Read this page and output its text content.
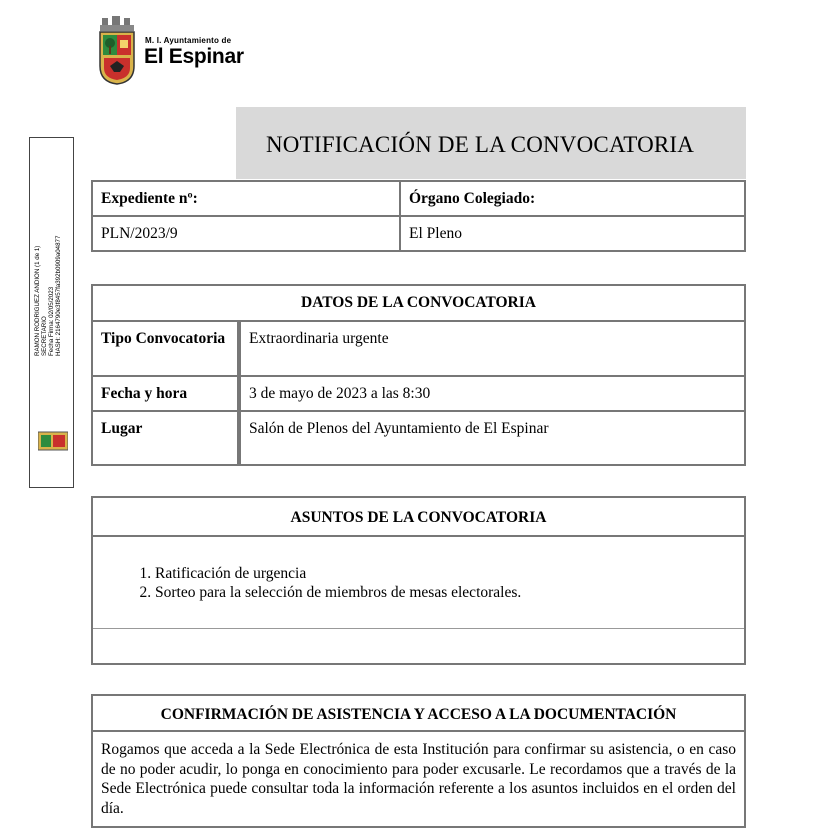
M. I. Ayuntamiento de
El Espinar
RAMON RODRIGUEZ ANDION (1 de 1) SECRETARIO Fecha Firma: 02/05/2023 HASH: 2164790e3f8457fa392b0909a04877
NOTIFICACIÓN DE LA CONVOCATORIA
Expediente nº:	Órgano Colegiado:
PLN/2023/9	El Pleno
DATOS DE LA CONVOCATORIA	
Tipo Convocatoria	Extraordinaria urgente
Fecha y hora	3 de mayo de 2023 a las 8:30
Lugar	Salón de Plenos del Ayuntamiento de El Espinar
ASUNTOS DE LA CONVOCATORIA
1. Ratificación de urgencia
2. Sorteo para la selección de miembros de mesas electorales.
CONFIRMACIÓN DE ASISTENCIA Y ACCESO A LA DOCUMENTACIÓN

Rogamos que acceda a la Sede Electrónica de esta Institución para confirmar su asistencia, o en caso de no poder acudir, lo ponga en conocimiento para poder excusarle. Le recordamos que a través de la Sede Electrónica puede consultar toda la información referente a los asuntos incluidos en el orden del día.
